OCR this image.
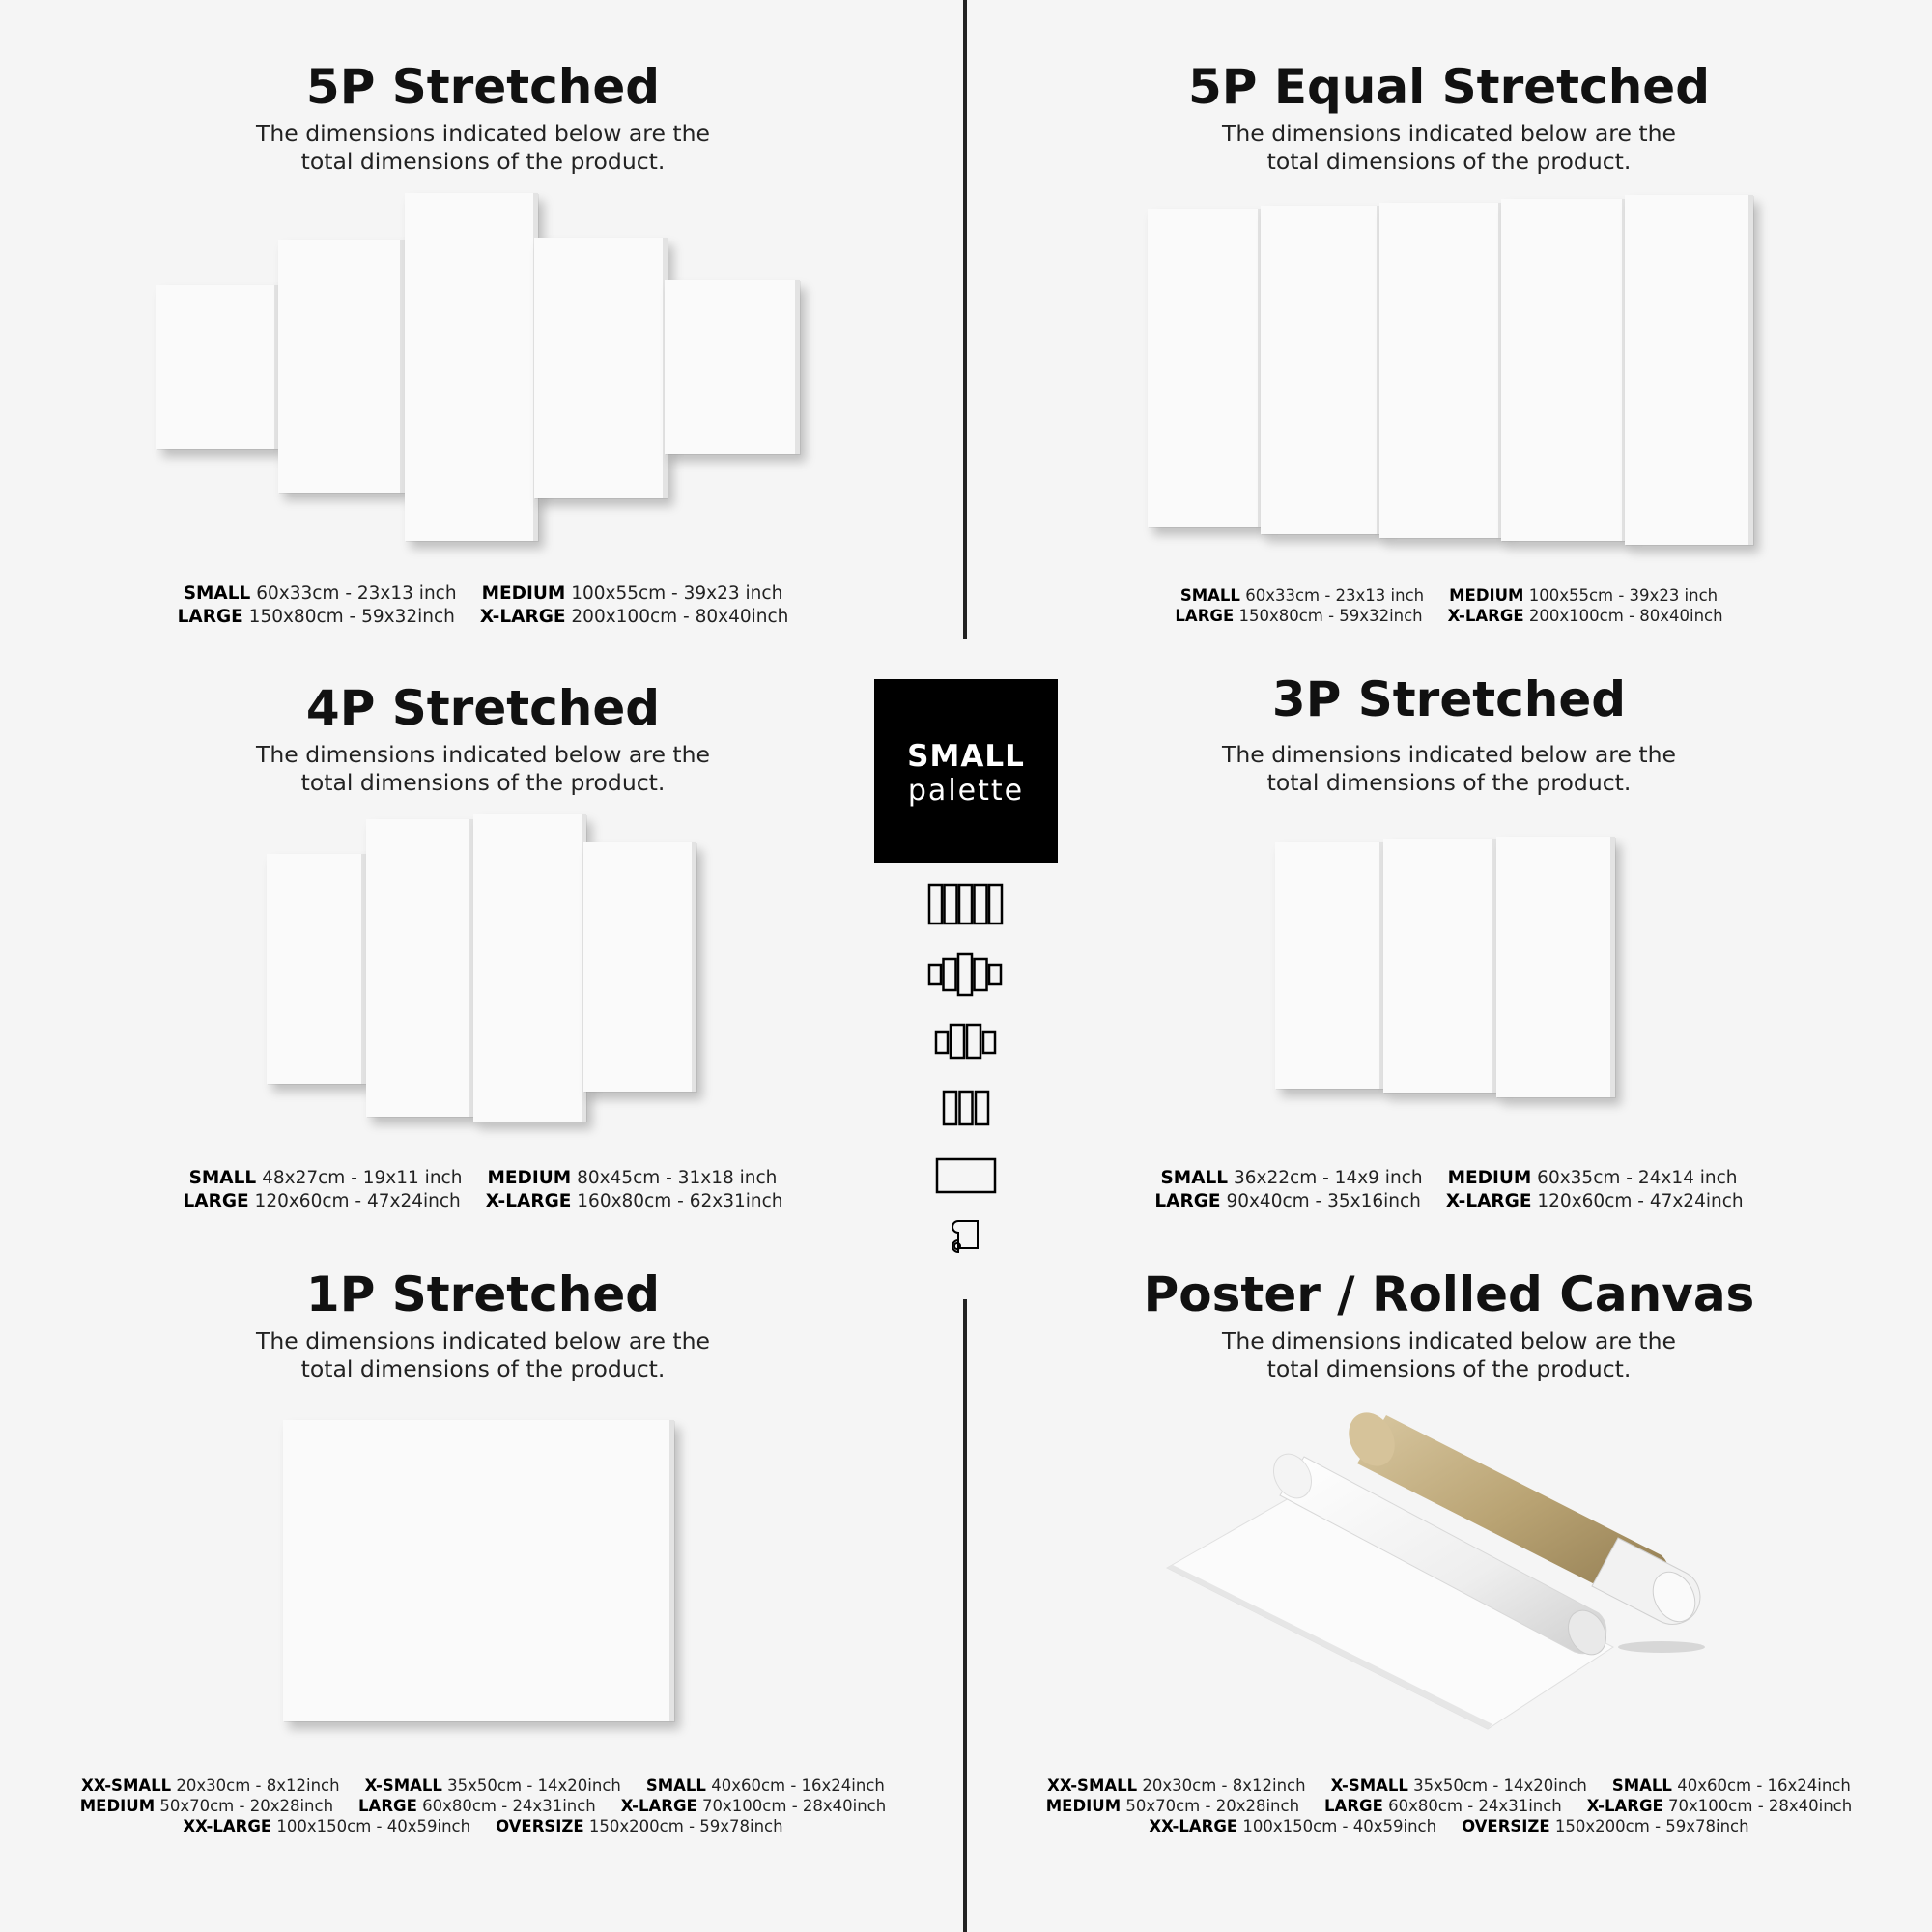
5P Stretched
The dimensions indicated below are the
total dimensions of the product.
SMALL 60x33cm - 23x13 inch MEDIUM 100x55cm - 39x23 inch
LARGE 150x80cm - 59x32inch X-LARGE 200x100cm - 80x40inch
5P Equal Stretched
The dimensions indicated below are the
total dimensions of the product.
SMALL 60x33cm - 23x13 inch MEDIUM 100x55cm - 39x23 inch
LARGE 150x80cm - 59x32inch X-LARGE 200x100cm - 80x40inch
4P Stretched
The dimensions indicated below are the
total dimensions of the product.
SMALL 48x27cm - 19x11 inch MEDIUM 80x45cm - 31x18 inch
LARGE 120x60cm - 47x24inch X-LARGE 160x80cm - 62x31inch
3P Stretched
The dimensions indicated below are the
total dimensions of the product.
SMALL 36x22cm - 14x9 inch MEDIUM 60x35cm - 24x14 inch
LARGE 90x40cm - 35x16inch X-LARGE 120x60cm - 47x24inch
1P Stretched
The dimensions indicated below are the
total dimensions of the product.
XX-SMALL 20x30cm - 8x12inch X-SMALL 35x50cm - 14x20inch SMALL 40x60cm - 16x24inch
MEDIUM 50x70cm - 20x28inch LARGE 60x80cm - 24x31inch X-LARGE 70x100cm - 28x40inch
XX-LARGE 100x150cm - 40x59inch OVERSIZE 150x200cm - 59x78inch
Poster / Rolled Canvas
The dimensions indicated below are the
total dimensions of the product.
XX-SMALL 20x30cm - 8x12inch X-SMALL 35x50cm - 14x20inch SMALL 40x60cm - 16x24inch
MEDIUM 50x70cm - 20x28inch LARGE 60x80cm - 24x31inch X-LARGE 70x100cm - 28x40inch
XX-LARGE 100x150cm - 40x59inch OVERSIZE 150x200cm - 59x78inch
SMALL
palette
